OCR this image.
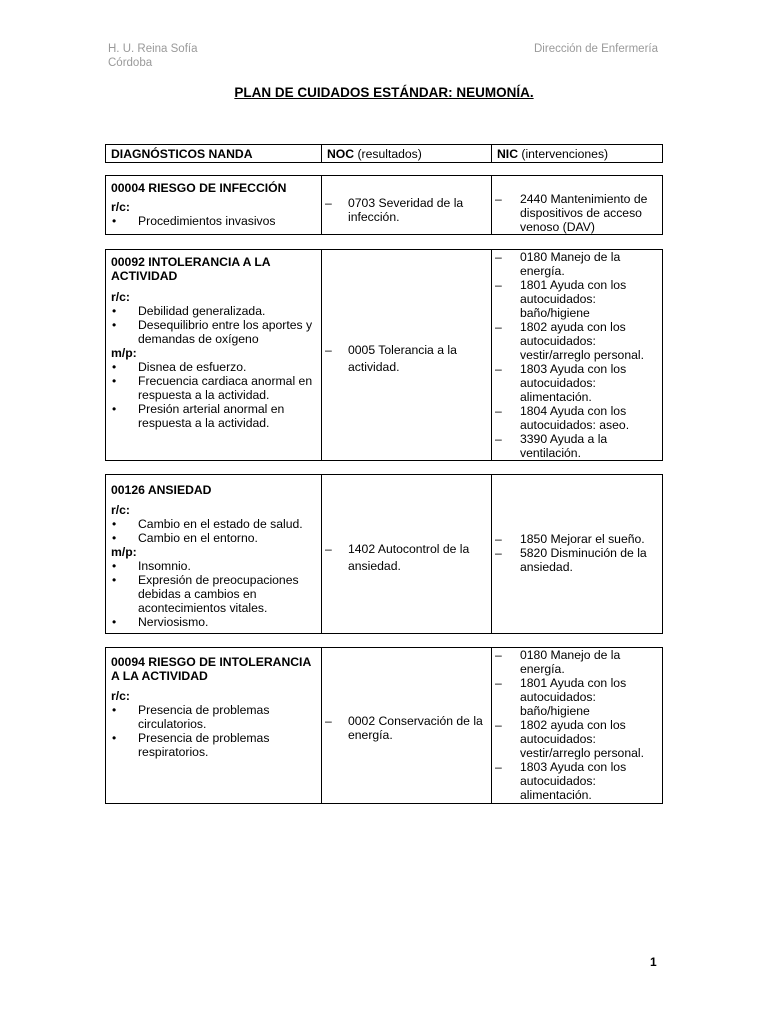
H. U. Reina Sofía
Córdoba
Dirección de Enfermería
PLAN DE CUIDADOS ESTÁNDAR: NEUMONÍA.
DIAGNÓSTICOS NANDA	NOC (resultados)	NIC (intervenciones)
00004 RIESGO DE INFECCIÓN
r/c:
• Procedimientos invasivos
– 0703 Severidad de la infección.
– 2440 Mantenimiento de dispositivos de acceso venoso (DAV)
00092 INTOLERANCIA A LA ACTIVIDAD
r/c:
• Debilidad generalizada.
• Desequilibrio entre los aportes y demandas de oxígeno
m/p:
• Disnea de esfuerzo.
• Frecuencia cardiaca anormal en respuesta a la actividad.
• Presión arterial anormal en respuesta a la actividad.
– 0005 Tolerancia a la actividad.
– 0180 Manejo de la energía.
– 1801 Ayuda con los autocuidados: baño/higiene
– 1802 ayuda con los autocuidados: vestir/arreglo personal.
– 1803 Ayuda con los autocuidados: alimentación.
– 1804 Ayuda con los autocuidados: aseo.
– 3390 Ayuda a la ventilación.
00126 ANSIEDAD
r/c:
• Cambio en el estado de salud.
• Cambio en el entorno.
m/p:
• Insomnio.
• Expresión de preocupaciones debidas a cambios en acontecimientos vitales.
• Nerviosismo.
– 1402 Autocontrol de la ansiedad.
– 1850 Mejorar el sueño.
– 5820 Disminución de la ansiedad.
00094 RIESGO DE INTOLERANCIA A LA ACTIVIDAD
r/c:
• Presencia de problemas circulatorios.
• Presencia de problemas respiratorios.
– 0002 Conservación de la energía.
– 0180 Manejo de la energía.
– 1801 Ayuda con los autocuidados: baño/higiene
– 1802 ayuda con los autocuidados: vestir/arreglo personal.
– 1803 Ayuda con los autocuidados: alimentación.
1
